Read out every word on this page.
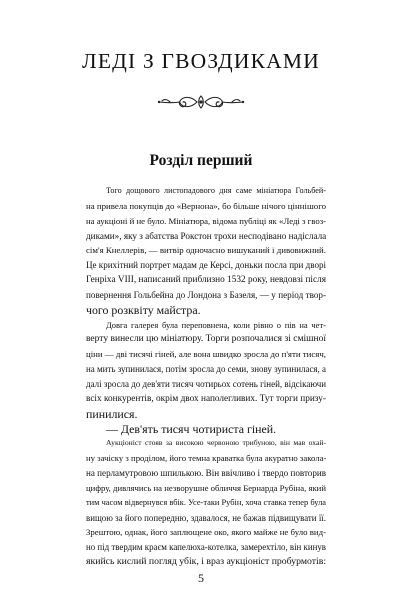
ЛЕДІ З ГВОЗДИКАМИ
Розділ перший
Того дощового листопадового дня саме мініатюра Гольбей-
на привела покупців до «Вернона», бо більше нічого ціннішого
на аукціоні й не було. Мініатюра, відома публіці як «Леді з гвоз-
диками», яку з абатства Рокстон трохи несподівано надіслала
сім'я Кнеллерів, — витвір одночасно вишуканий і дивовижний.
Це крихітний портрет мадам де Керсі, доньки посла при дворі
Генріха VIII, написаний приблизно 1532 року, невдовзі після
повернення Гольбейна до Лондона з Базеля, — у період твор-
чого розквіту майстра.
Довга галерея була переповнена, коли рівно о пів на чет-
верту винесли цю мініатюру. Торги розпочалися зі смішної
ціни — дві тисячі гіней, але вона швидко зросла до п'яти тисяч,
на мить зупинилася, потім зросла до семи, знову зупинилася, а
далі зросла до дев'яти тисяч чотирьох сотень гіней, відсікаючи
всіх конкурентів, окрім двох наполегливих. Тут торги призу-
пинилися.
— Дев'ять тисяч чотириста гіней.
Аукціоніст стояв за високою червоною трибуною, він мав охай-
ну зачіску з проділом, його темна краватка була акуратно закола-
на перламутровою шпилькою. Він ввічливо і твердо повторив
цифру, дивлячись на незворушне обличчя Бернарда Рубіна, який
тим часом відвернувся вбік. Усе-таки Рубін, хоча ставка тепер була
вищою за його попередню, здавалося, не бажав підвищувати її.
Зрештою, однак, його заплющене око, якого майже не було вид-
но під твердим краєм капелюха-котелка, замерехтіло, він кинув
якийсь кислий погляд убік, і враз аукціоніст пробурмотів:
5
